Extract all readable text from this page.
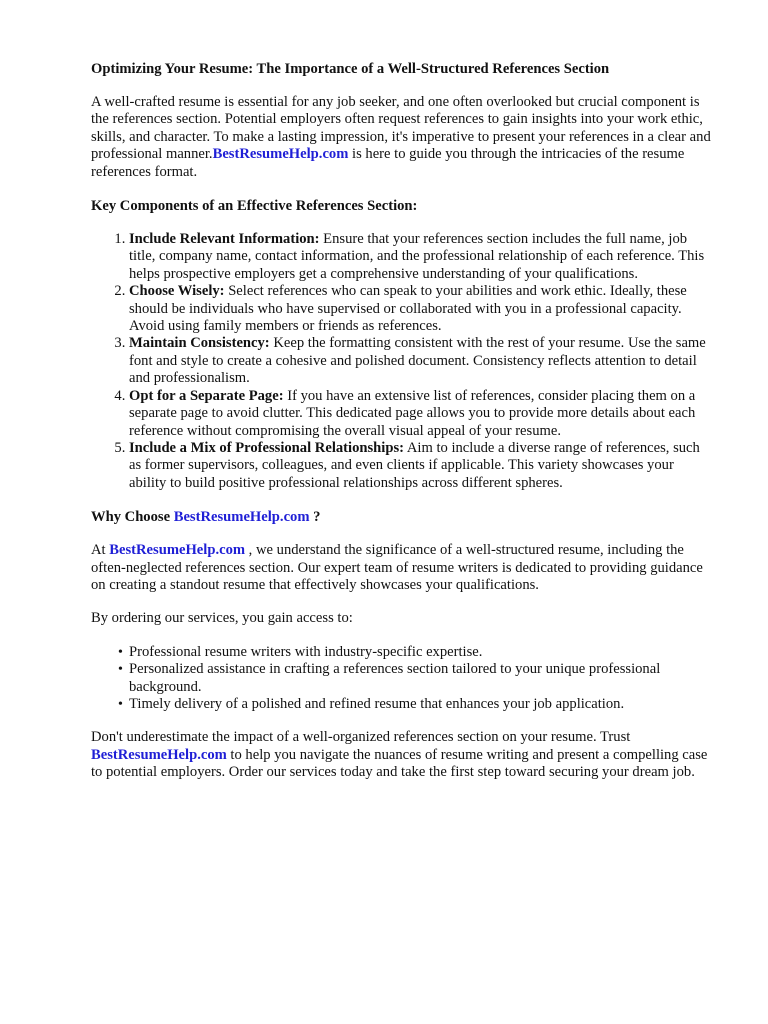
Optimizing Your Resume: The Importance of a Well-Structured References Section

A well-crafted resume is essential for any job seeker, and one often overlooked but crucial component is the references section. Potential employers often request references to gain insights into your work ethic, skills, and character. To make a lasting impression, it's imperative to present your references in a clear and professional manner.BestResumeHelp.com is here to guide you through the intricacies of the resume references format.

Key Components of an Effective References Section:
1. Include Relevant Information: Ensure that your references section includes the full name, job title, company name, contact information, and the professional relationship of each reference. This helps prospective employers get a comprehensive understanding of your qualifications.
2. Choose Wisely: Select references who can speak to your abilities and work ethic. Ideally, these should be individuals who have supervised or collaborated with you in a professional capacity. Avoid using family members or friends as references.
3. Maintain Consistency: Keep the formatting consistent with the rest of your resume. Use the same font and style to create a cohesive and polished document. Consistency reflects attention to detail and professionalism.
4. Opt for a Separate Page: If you have an extensive list of references, consider placing them on a separate page to avoid clutter. This dedicated page allows you to provide more details about each reference without compromising the overall visual appeal of your resume.
5. Include a Mix of Professional Relationships: Aim to include a diverse range of references, such as former supervisors, colleagues, and even clients if applicable. This variety showcases your ability to build positive professional relationships across different spheres.
Why Choose BestResumeHelp.com ?

At BestResumeHelp.com , we understand the significance of a well-structured resume, including the often-neglected references section. Our expert team of resume writers is dedicated to providing guidance on creating a standout resume that effectively showcases your qualifications.

By ordering our services, you gain access to:

• Professional resume writers with industry-specific expertise.
• Personalized assistance in crafting a references section tailored to your unique professional background.
• Timely delivery of a polished and refined resume that enhances your job application.

Don't underestimate the impact of a well-organized references section on your resume. Trust BestResumeHelp.com to help you navigate the nuances of resume writing and present a compelling case to potential employers. Order our services today and take the first step toward securing your dream job.
